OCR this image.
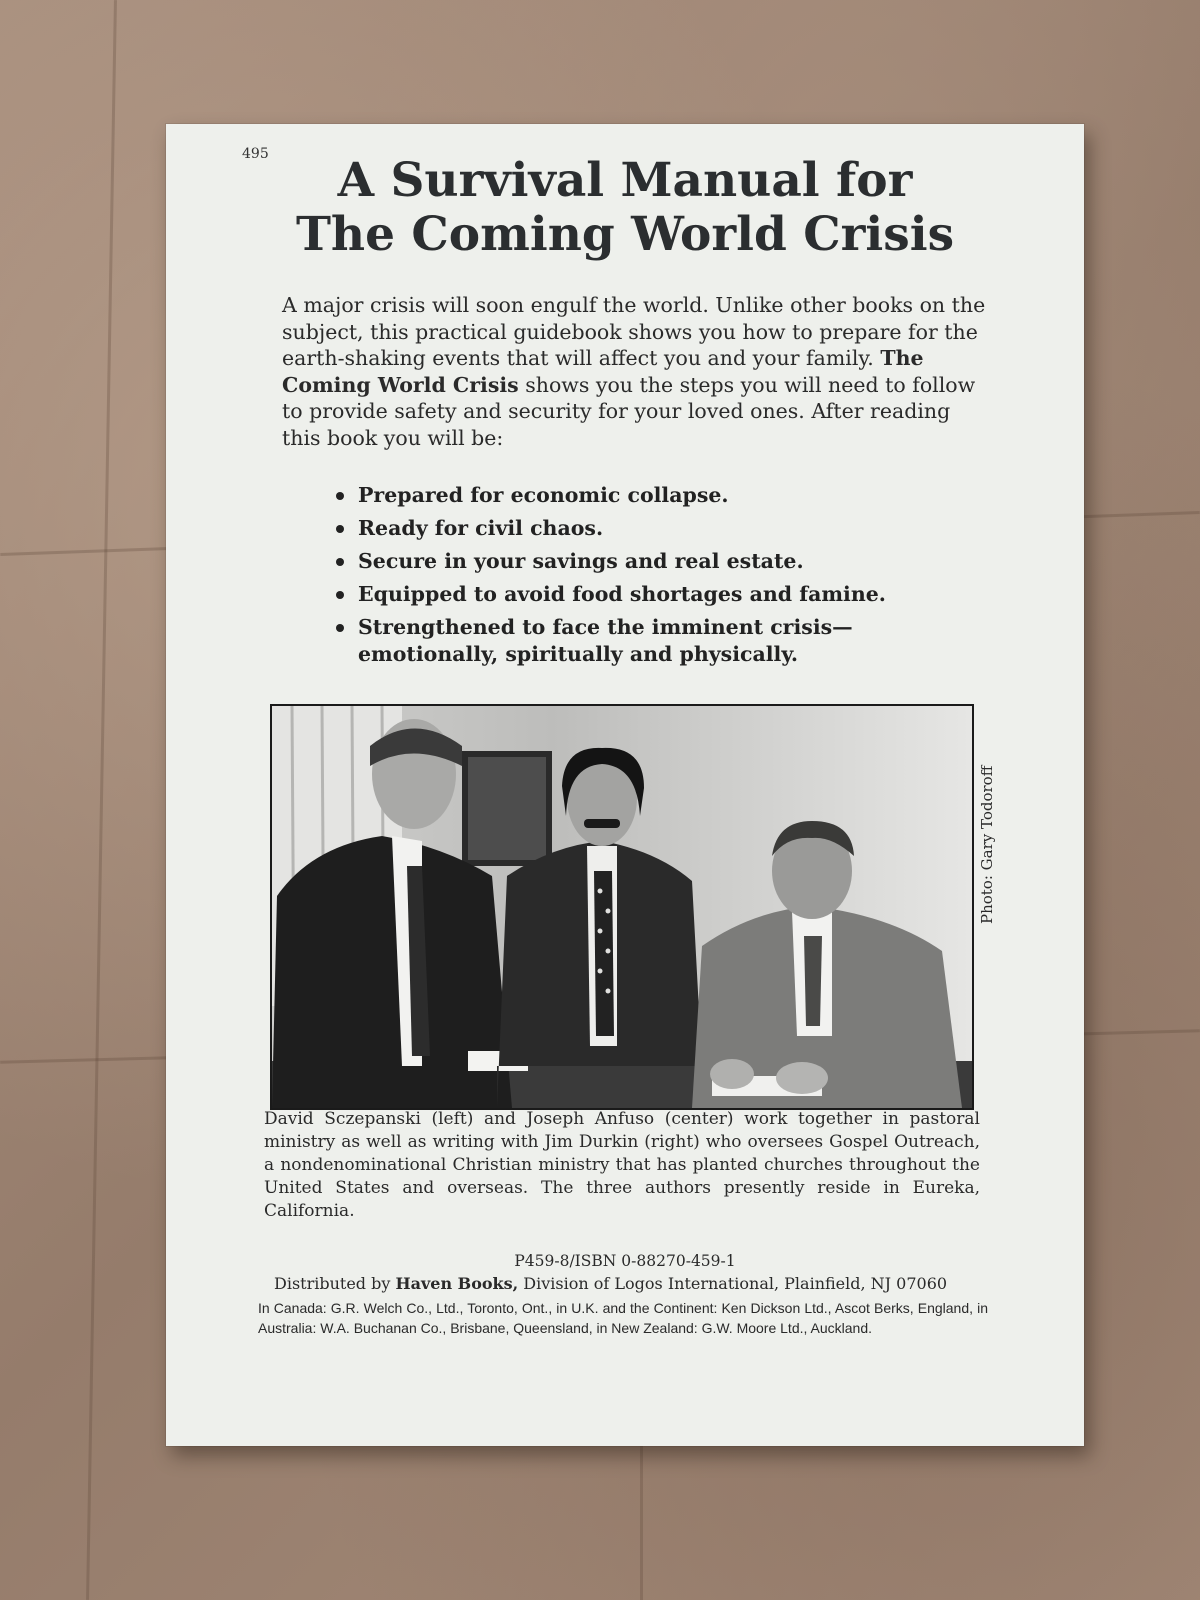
495	A Survival Manual for
The Coming World Crisis
A major crisis will soon engulf the world. Unlike other books on the subject, this practical guidebook shows you how to prepare for the earth-shaking events that will affect you and your family. The Coming World Crisis shows you the steps you will need to follow to provide safety and security for your loved ones. After reading this book you will be:
Prepared for economic collapse.
Ready for civil chaos.
Secure in your savings and real estate.
Equipped to avoid food shortages and famine.
Strengthened to face the imminent crisis—emotionally, spiritually and physically.
Photo: Gary Todoroff
David Sczepanski (left) and Joseph Anfuso (center) work together in pastoral ministry as well as writing with Jim Durkin (right) who oversees Gospel Outreach, a nondenominational Christian ministry that has planted churches throughout the United States and overseas. The three authors presently reside in Eureka, California.
P459-8/ISBN 0-88270-459-1
Distributed by Haven Books, Division of Logos International, Plainfield, NJ 07060
In Canada: G.R. Welch Co., Ltd., Toronto, Ont., in U.K. and the Continent: Ken Dickson Ltd., Ascot Berks, England, in Australia: W.A. Buchanan Co., Brisbane, Queensland, in New Zealand: G.W. Moore Ltd., Auckland.
